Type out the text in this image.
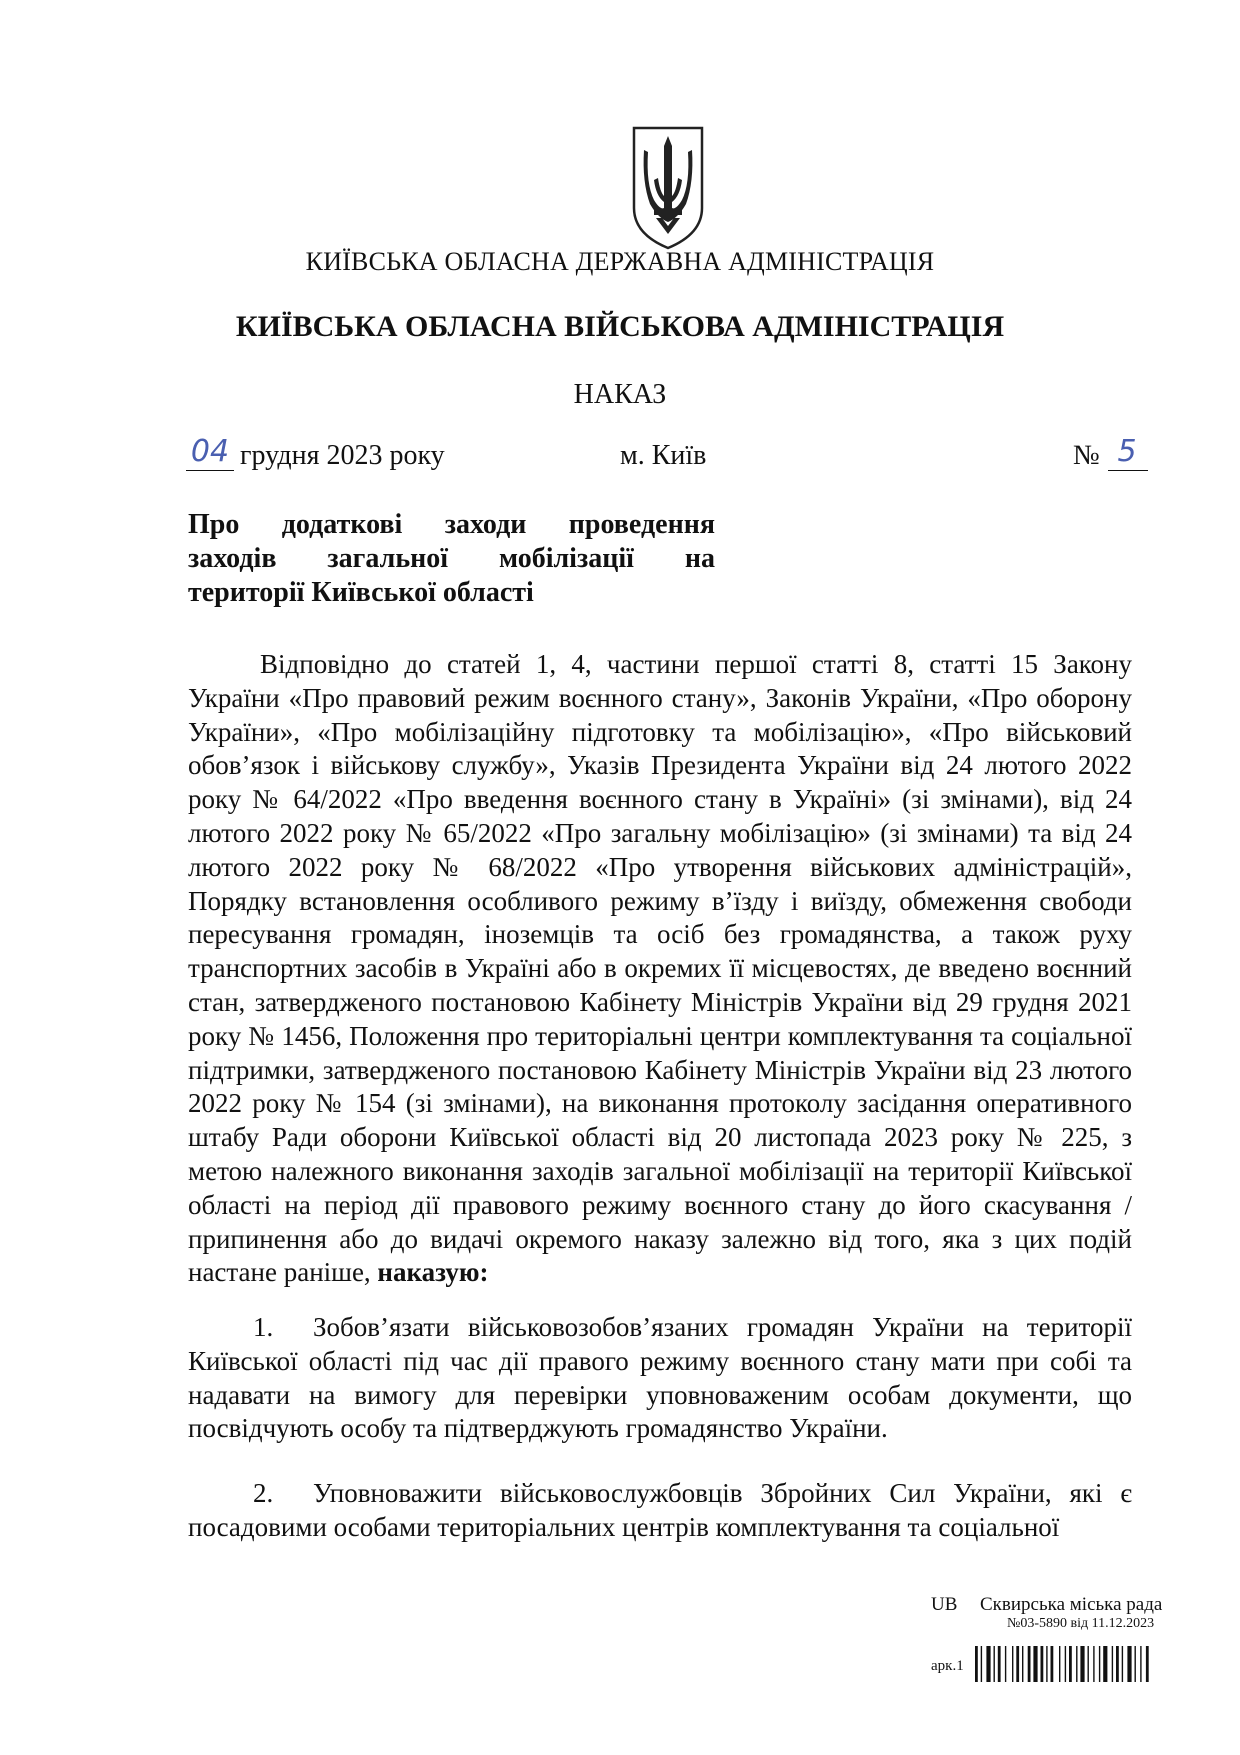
КИЇВСЬКА ОБЛАСНА ДЕРЖАВНА АДМІНІСТРАЦІЯ
КИЇВСЬКА ОБЛАСНА ВІЙСЬКОВА АДМІНІСТРАЦІЯ
НАКАЗ
04 грудня 2023 року	м. Київ	№ 5
Про додаткові заходи проведення
заходів загальної мобілізації на
території Київської області
Відповідно до статей 1, 4, частини першої статті 8, статті 15 Закону України «Про правовий режим воєнного стану», Законів України, «Про оборону України», «Про мобілізаційну підготовку та мобілізацію», «Про військовий обов’язок і військову службу», Указів Президента України від 24 лютого 2022 року № 64/2022 «Про введення воєнного стану в Україні» (зі змінами), від 24 лютого 2022 року № 65/2022 «Про загальну мобілізацію» (зі змінами) та від 24 лютого 2022 року № 68/2022 «Про утворення військових адміністрацій», Порядку встановлення особливого режиму в’їзду і виїзду, обмеження свободи пересування громадян, іноземців та осіб без громадянства, а також руху транспортних засобів в Україні або в окремих її місцевостях, де введено воєнний стан, затвердженого постановою Кабінету Міністрів України від 29 грудня 2021 року № 1456, Положення про територіальні центри комплектування та соціальної підтримки, затвердженого постановою Кабінету Міністрів України від 23 лютого 2022 року № 154 (зі змінами), на виконання протоколу засідання оперативного штабу Ради оборони Київської області від 20 листопада 2023 року № 225, з метою належного виконання заходів загальної мобілізації на території Київської області на період дії правового режиму воєнного стану до його скасування / припинення або до видачі окремого наказу залежно від того, яка з цих подій настане раніше, наказую:
1. Зобов’язати військовозобов’язаних громадян України на території Київської області під час дії правого режиму воєнного стану мати при собі та надавати на вимогу для перевірки уповноваженим особам документи, що посвідчують особу та підтверджують громадянство України.
2. Уповноважити військовослужбовців Збройних Сил України, які є посадовими особами територіальних центрів комплектування та соціальної
UB Сквирська міська рада
№03-5890 від 11.12.2023
арк.1
